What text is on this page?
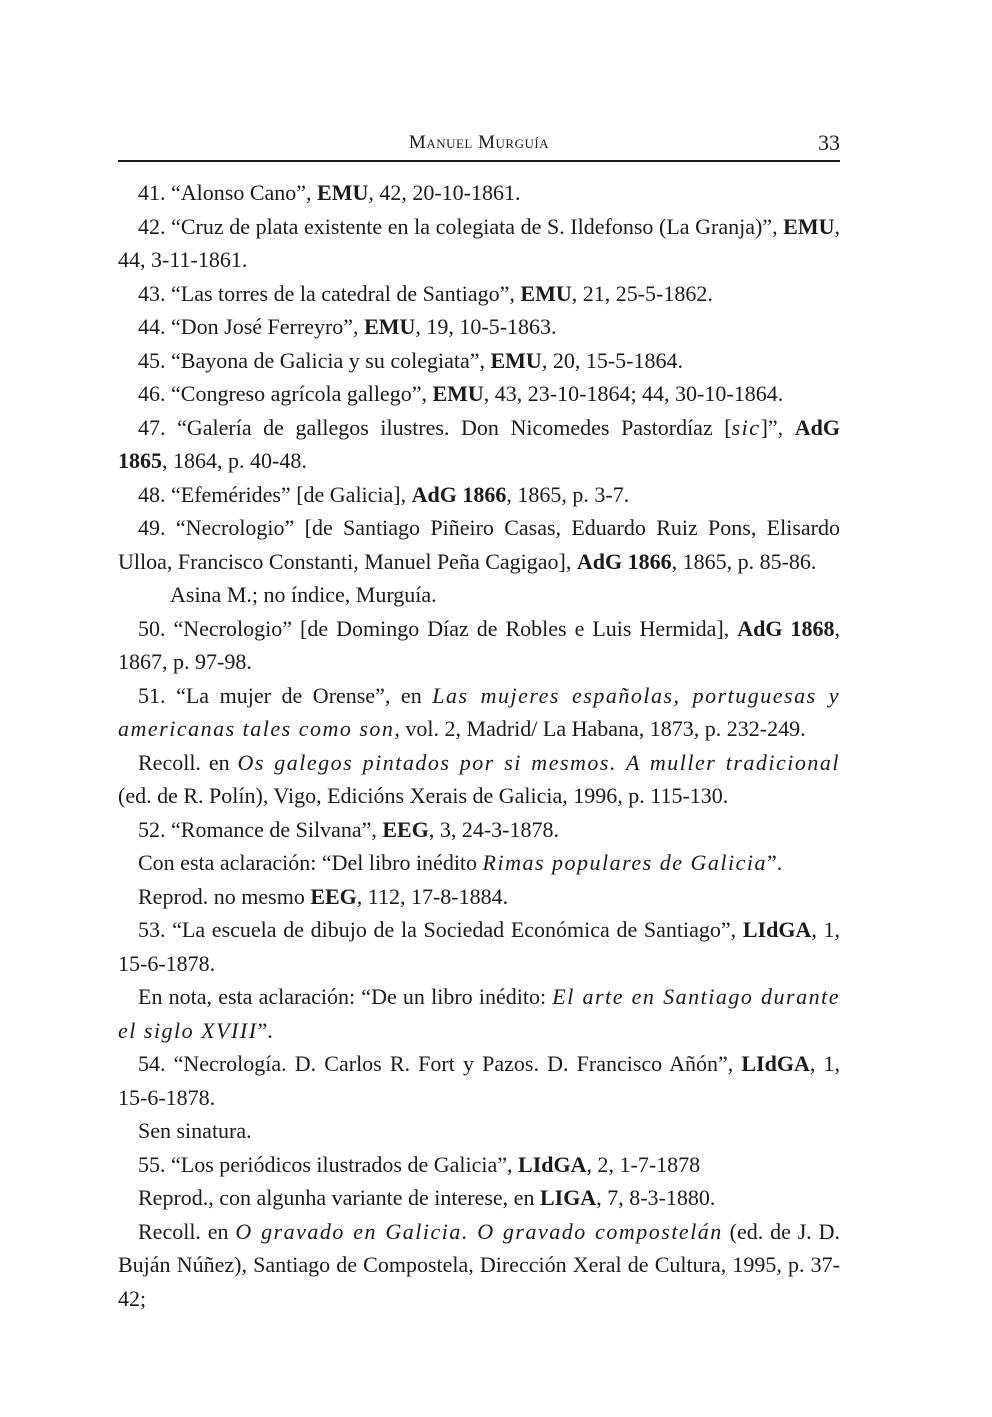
Manuel Murguía	33

41. “Alonso Cano”, EMU, 42, 20-10-1861.

42. “Cruz de plata existente en la colegiata de S. Ildefonso (La Granja)”, EMU, 44, 3-11-1861.

43. “Las torres de la catedral de Santiago”, EMU, 21, 25-5-1862.

44. “Don José Ferreyro”, EMU, 19, 10-5-1863.

45. “Bayona de Galicia y su colegiata”, EMU, 20, 15-5-1864.

46. “Congreso agrícola gallego”, EMU, 43, 23-10-1864; 44, 30-10-1864.

47. “Galería de gallegos ilustres. Don Nicomedes Pastordíaz [sic]”, AdG 1865, 1864, p. 40-48.

48. “Efemérides” [de Galicia], AdG 1866, 1865, p. 3-7.

49. “Necrologio” [de Santiago Piñeiro Casas, Eduardo Ruiz Pons, Elisardo Ulloa, Francisco Constanti, Manuel Peña Cagigao], AdG 1866, 1865, p. 85-86.

Asina M.; no índice, Murguía.

50. “Necrologio” [de Domingo Díaz de Robles e Luis Hermida], AdG 1868, 1867, p. 97-98.

51. “La mujer de Orense”, en Las mujeres españolas, portuguesas y americanas tales como son, vol. 2, Madrid/ La Habana, 1873, p. 232-249.

Recoll. en Os galegos pintados por si mesmos. A muller tradicional (ed. de R. Polín), Vigo, Edicións Xerais de Galicia, 1996, p. 115-130.

52. “Romance de Silvana”, EEG, 3, 24-3-1878.

Con esta aclaración: “Del libro inédito Rimas populares de Galicia”.

Reprod. no mesmo EEG, 112, 17-8-1884.

53. “La escuela de dibujo de la Sociedad Económica de Santiago”, LIdGA, 1, 15-6-1878.

En nota, esta aclaración: “De un libro inédito: El arte en Santiago durante el siglo XVIII”.

54. “Necrología. D. Carlos R. Fort y Pazos. D. Francisco Añón”, LIdGA, 1, 15-6-1878.

Sen sinatura.

55. “Los periódicos ilustrados de Galicia”, LIdGA, 2, 1-7-1878

Reprod., con algunha variante de interese, en LIGA, 7, 8-3-1880.

Recoll. en O gravado en Galicia. O gravado compostelán (ed. de J. D. Buján Núñez), Santiago de Compostela, Dirección Xeral de Cultura, 1995, p. 37-42;
